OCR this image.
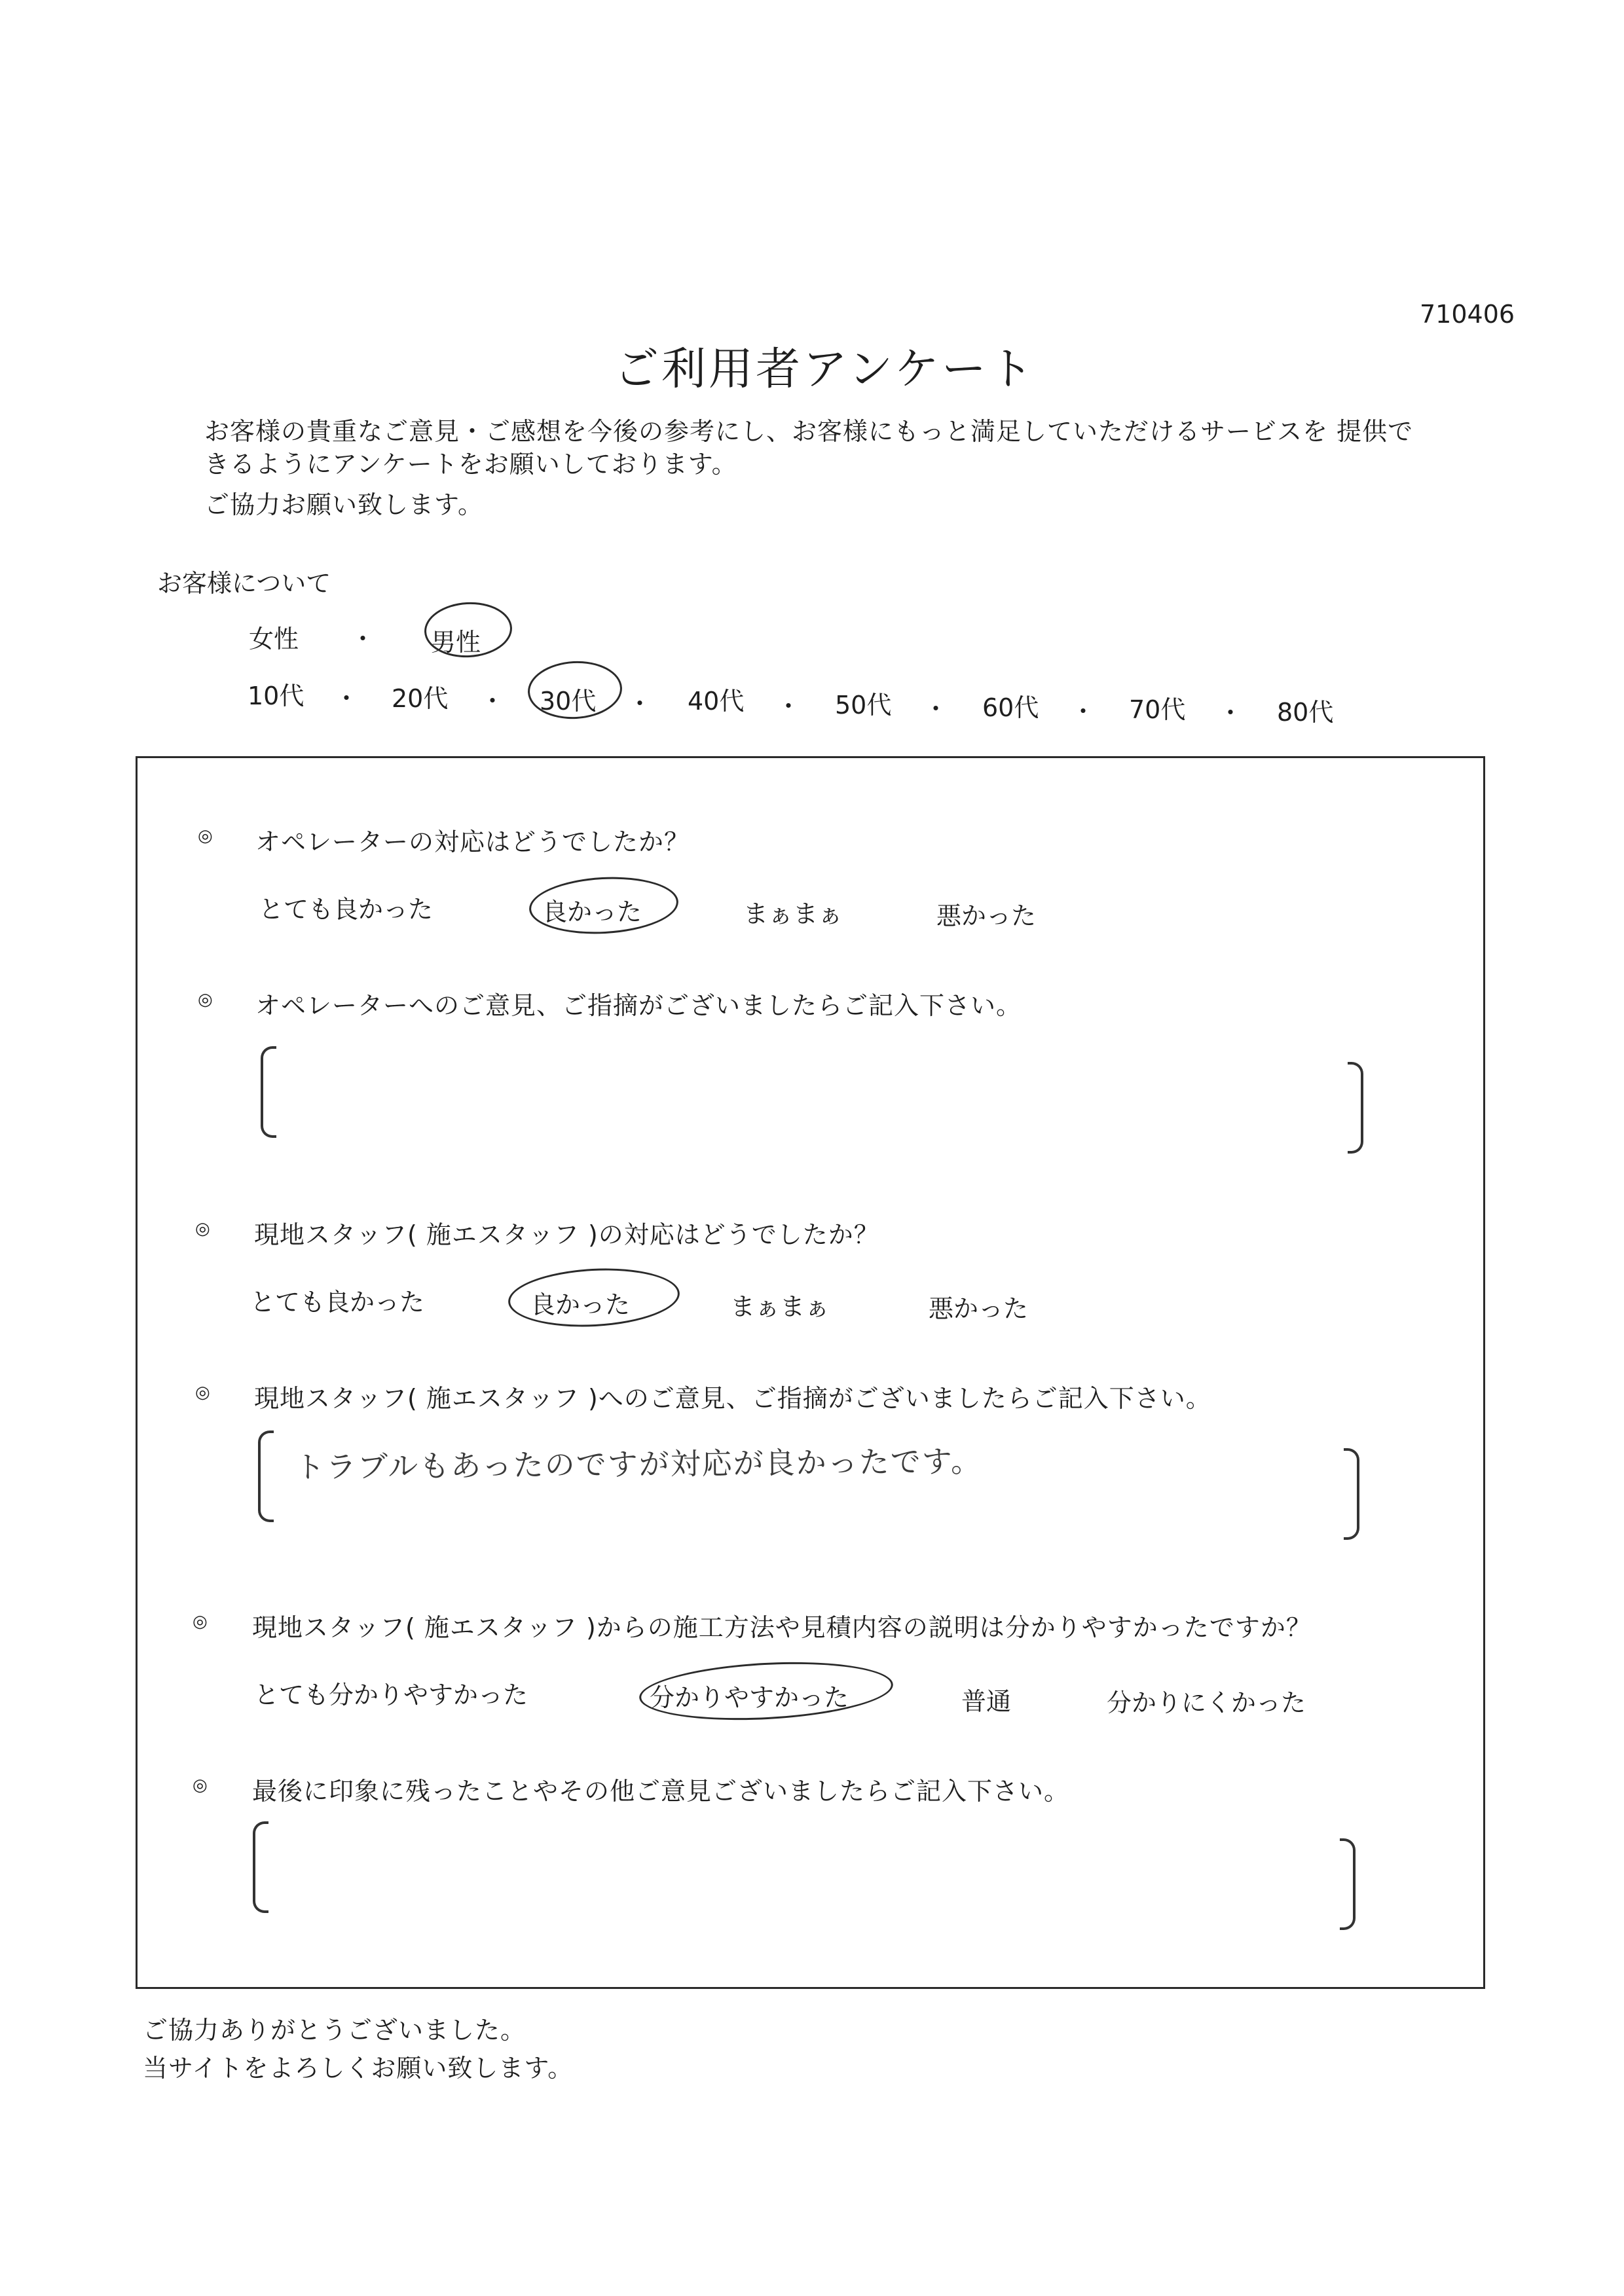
710406
ご利用者アンケート
お客様の貴重なご意見・ご感想を今後の参考にし、お客様にもっと満足していただけるサービスを 提供で
きるようにアンケートをお願いしております。
ご協力お願い致します。
お客様について
女性 ・ 男性
10代 ・ 20代 ・ 30代 ・ 40代 ・ 50代 ・ 60代 ・ 70代 ・ 80代
◎ オペレーターの対応はどうでしたか？
とても良かった	良かった	まぁまぁ	悪かった
◎ オペレーターへのご意見、ご指摘がございましたらご記入下さい。
◎ 現地スタッフ( 施エスタッフ )の対応はどうでしたか？
とても良かった	良かった	まぁまぁ	悪かった
◎ 現地スタッフ( 施エスタッフ )へのご意見、ご指摘がございましたらご記入下さい。
トラブルもあったのですが対応が良かったです。
◎ 現地スタッフ( 施エスタッフ )からの施工方法や見積内容の説明は分かりやすかったですか？
とても分かりやすかった	分かりやすかった	普通	分かりにくかった
◎ 最後に印象に残ったことやその他ご意見ございましたらご記入下さい。
ご協力ありがとうございました。
当サイトをよろしくお願い致します。
